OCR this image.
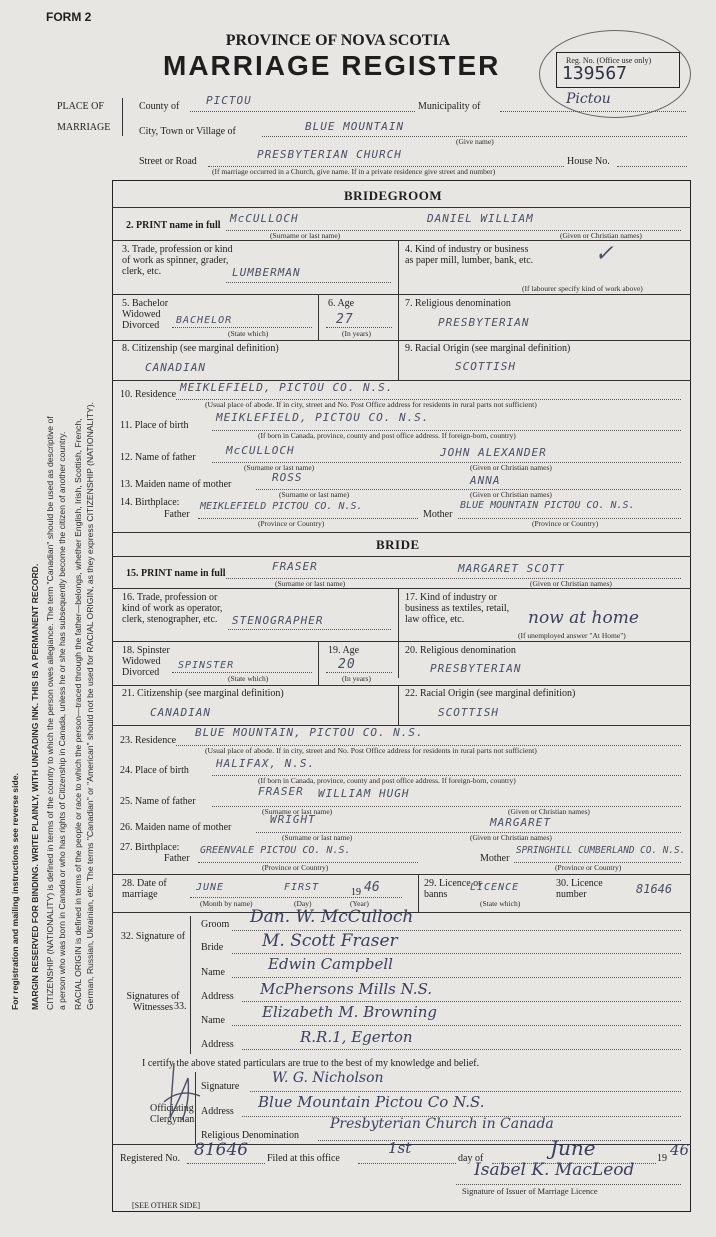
FORM 2
PROVINCE OF NOVA SCOTIA
MARRIAGE REGISTER	Reg. No. (Office use only)
139567
PLACE OF
MARRIAGE
County of PICTOU	Municipality of	Pictou
City, Town or Village of	BLUE MOUNTAIN
(Give name)
Street or Road
PRESBYTERIAN CHURCH
House No.
(If marriage occurred in a Church, give name. If in a private residence give street and number)
For registration and mailing instructions see reverse side. MARGIN RESERVED FOR BINDING. WRITE PLAINLY, WITH UNFADING INK. THIS IS A PERMANENT RECORD. CITIZENSHIP (NATIONALITY) is defined in terms of the country to which the person owes allegiance. The term "Canadian" should be used as descriptive of a person who was born in Canada or who has rights of Citizenship in Canada, unless he or she has subsequently become the citizen of another country. RACIAL ORIGIN is defined in terms of the people or race to which the person—traced through the father—belongs, whether English, Irish, Scottish, French, German, Russian, Ukrainian, etc. The terms "Canadian" or "American" should not be used for RACIAL ORIGIN, as they express CITIZENSHIP (NATIONALITY).
BRIDEGROOM
2. PRINT name in full
McCULLOCH	DANIEL WILLIAM
(Surname or last name)	(Given or Christian names)
3. Trade, profession or kind of work as spinner, grader, clerk, etc.	LUMBERMAN
4. Kind of industry or business as paper mill, lumber, bank, etc. ✓
(If labourer specify kind of work above)
5. Bachelor Widowed Divorced	BACHELOR
(State which)
6. Age
27
(In years)
7. Religious denomination
PRESBYTERIAN
8. Citizenship (see marginal definition)
CANADIAN
9. Racial Origin (see marginal definition)
SCOTTISH
10. Residence
MEIKLEFIELD, PICTOU CO. N.S.
(Usual place of abode. If in city, street and No. Post Office address for residents in rural parts not sufficient)
11. Place of birth
MEIKLEFIELD, PICTOU CO. N.S.
(If born in Canada, province, county and post office address. If foreign-born, country)
12. Name of father
McCULLOCH	JOHN ALEXANDER
(Surname or last name)	(Given or Christian names)
13. Maiden name of mother
ROSS	ANNA
(Surname or last name)	(Given or Christian names)
14. Birthplace:
Father
MEIKLEFIELD PICTOU CO. N.S.
Mother
BLUE MOUNTAIN PICTOU CO. N.S.
(Province or Country)	(Province or Country)
BRIDE
15. PRINT name in full
FRASER	MARGARET SCOTT
(Surname or last name)	(Given or Christian names)
16. Trade, profession or kind of work as operator, clerk, stenographer, etc.	STENOGRAPHER
17. Kind of industry or business as textiles, retail, law office, etc.	now at home
(If unemployed answer "At Home")
18. Spinster Widowed Divorced
SPINSTER
(State which)
19. Age
20
(In years)
20. Religious denomination
PRESBYTERIAN
21. Citizenship (see marginal definition)
CANADIAN
22. Racial Origin (see marginal definition)
SCOTTISH
23. Residence
BLUE MOUNTAIN, PICTOU CO. N.S.
(Usual place of abode. If in city, street and No. Post Office address for residents in rural parts not sufficient)
24. Place of birth
HALIFAX, N.S.
(If born in Canada, province, county and post office address. If foreign-born, country)
25. Name of father
FRASER WILLIAM HUGH
(Surname or last name)	(Given or Christian names)
26. Maiden name of mother
WRIGHT	MARGARET
(Surname or last name)	(Given or Christian names)
27. Birthplace:
Father
GREENVALE PICTOU CO. N.S.
Mother
SPRINGHILL CUMBERLAND CO. N.S.
(Province or Country)	(Province or Country)
28. Date of marriage
JUNE	FIRST	19 46
(Month by name)	(Day)	(Year)
29. Licence or banns
LICENCE
(State which)
30. Licence number	81646
32. Signature of
Groom Dan. W. McCulloch
Bride M. Scott Fraser
33.
Signatures of Witnesses
Name	Edwin Campbell
Address McPhersons Mills N.S.
Name Elizabeth M. Browning
Address	R.R.1, Egerton
I certify the above stated particulars are true to the best of my knowledge and belief.
Officiating Clergyman
Signature
W. G. Nicholson
Address
Blue Mountain Pictou Co N.S.
Religious Denomination
Presbyterian Church in Canada
Registered No. 81646 Filed at this office
1st
day of	June	19 46
Isabel K. MacLeod
Signature of Issuer of Marriage Licence
[SEE OTHER SIDE]
